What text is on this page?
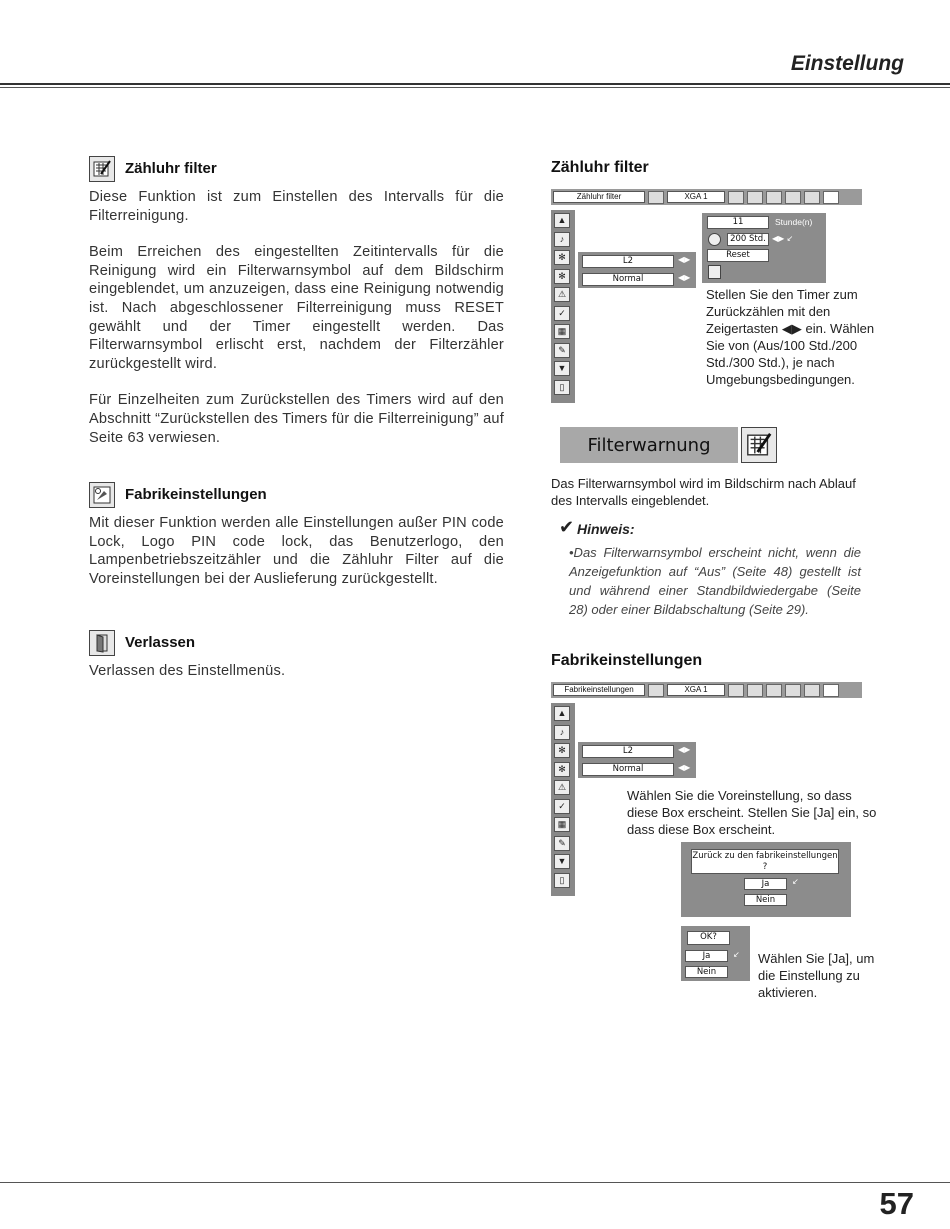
Einstellung
Zähluhr filter

Diese Funktion ist zum Einstellen des Intervalls für die Filterreinigung.

Beim Erreichen des eingestellten Zeitintervalls für die Reinigung wird ein Filterwarnsymbol auf dem Bildschirm eingeblendet, um anzuzeigen, dass eine Reinigung notwendig ist. Nach abgeschlossener Filterreinigung muss RESET gewählt und der Timer eingestellt werden. Das Filterwarnsymbol erlischt erst, nachdem der Filterzähler zurückgestellt wird.

Für Einzelheiten zum Zurückstellen des Timers wird auf den Abschnitt “Zurückstellen des Timers für die Filterreinigung” auf Seite 63 verwiesen.

Fabrikeinstellungen
Mit dieser Funktion werden alle Einstellungen außer PIN code Lock, Logo PIN code lock, das Benutzerlogo, den Lampenbetriebszeitzähler und die Zähluhr Filter auf die Voreinstellungen bei der Auslieferung zurückgestellt.
Verlassen
Verlassen des Einstellmenüs.
Zähluhr filter
Zähluhr filter	XGA 1
▲
♪
✻
✻
⚠
✓
▦
✎
▼
▯
L2	◀▶
Normal	◀▶
11	Stunde(n)
200 Std. ◀▶ ↙
Reset
Stellen Sie den Timer zum Zurückzählen mit den Zeigertasten ◀▶ ein. Wählen Sie von (Aus/100 Std./200 Std./300 Std.), je nach Umgebungsbedingungen.
Filterwarnung
Das Filterwarnsymbol wird im Bildschirm nach Ablauf des Intervalls eingeblendet.
✔ Hinweis:
•Das Filterwarnsymbol erscheint nicht, wenn die Anzeigefunktion auf “Aus” (Seite 48) gestellt ist und während einer Standbildwiedergabe (Seite 28) oder einer Bildabschaltung (Seite 29).
Fabrikeinstellungen
Fabrikeinstellungen	XGA 1
▲
♪
✻
✻
⚠
✓
▦
✎
▼
▯
L2	◀▶
Normal	◀▶
Wählen Sie die Voreinstellung, so dass diese Box erscheint. Stellen Sie [Ja] ein, so dass diese Box erscheint.
Zurück zu den fabrikeinstellungen ?
Ja	↙
Nein
OK?
Ja	↙
Nein
Wählen Sie [Ja], um die Einstellung zu aktivieren.
57
